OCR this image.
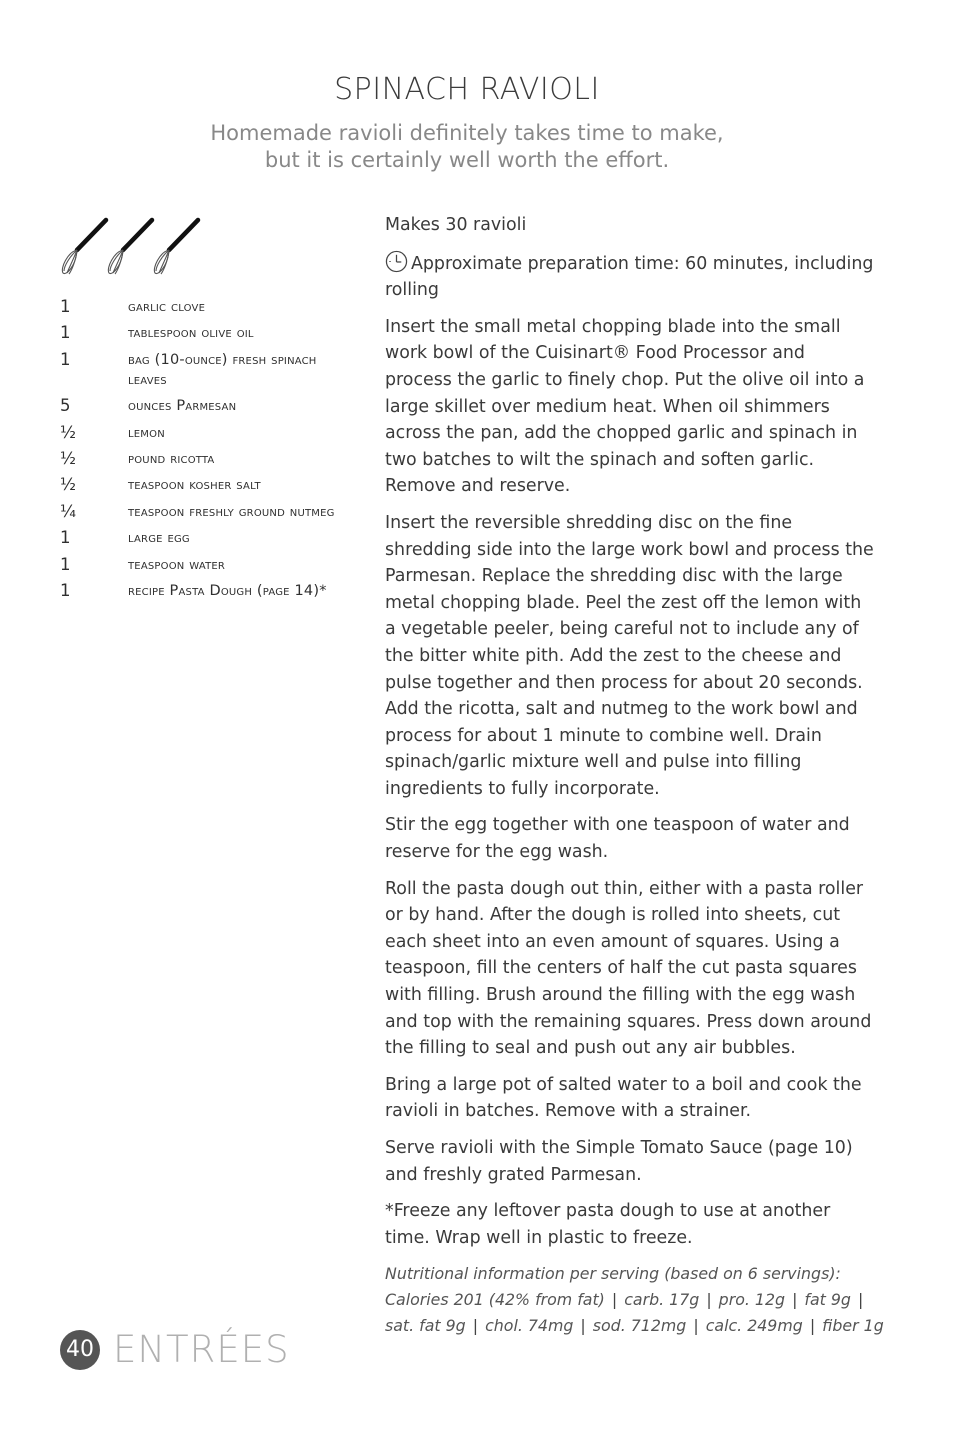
SPINACH RAVIOLI
Homemade ravioli definitely takes time to make,
but it is certainly well worth the effort.
1	garlic clove
1	tablespoon olive oil
1	bag (10-ounce) fresh spinach leaves
5	ounces Parmesan
½	lemon
½	pound ricotta
½	teaspoon kosher salt
¼	teaspoon freshly ground nutmeg
1	large egg
1	teaspoon water
1	recipe Pasta Dough (page 14)*

Makes 30 ravioli

Approximate preparation time: 60 minutes, including rolling

Insert the small metal chopping blade into the small work bowl of the Cuisinart® Food Processor and process the garlic to finely chop. Put the olive oil into a large skillet over medium heat. When oil shimmers across the pan, add the chopped garlic and spinach in two batches to wilt the spinach and soften garlic. Remove and reserve.

Insert the reversible shredding disc on the fine shredding side into the large work bowl and process the Parmesan. Replace the shredding disc with the large metal chopping blade. Peel the zest off the lemon with a vegetable peeler, being careful not to include any of the bitter white pith. Add the zest to the cheese and pulse together and then process for about 20 seconds. Add the ricotta, salt and nutmeg to the work bowl and process for about 1 minute to combine well. Drain spinach/garlic mixture well and pulse into filling ingredients to fully incorporate.

Stir the egg together with one teaspoon of water and reserve for the egg wash.

Roll the pasta dough out thin, either with a pasta roller or by hand. After the dough is rolled into sheets, cut each sheet into an even amount of squares. Using a teaspoon, fill the centers of half the cut pasta squares with filling. Brush around the filling with the egg wash and top with the remaining squares. Press down around the filling to seal and push out any air bubbles.

Bring a large pot of salted water to a boil and cook the ravioli in batches. Remove with a strainer.

Serve ravioli with the Simple Tomato Sauce (page 10) and freshly grated Parmesan.

*Freeze any leftover pasta dough to use at another time. Wrap well in plastic to freeze.

Nutritional information per serving (based on 6 servings):
Calories 201 (42% from fat) | carb. 17g | pro. 12g | fat 9g |
sat. fat 9g | chol. 74mg | sod. 712mg | calc. 249mg | fiber 1g
40 ENTRÉES
